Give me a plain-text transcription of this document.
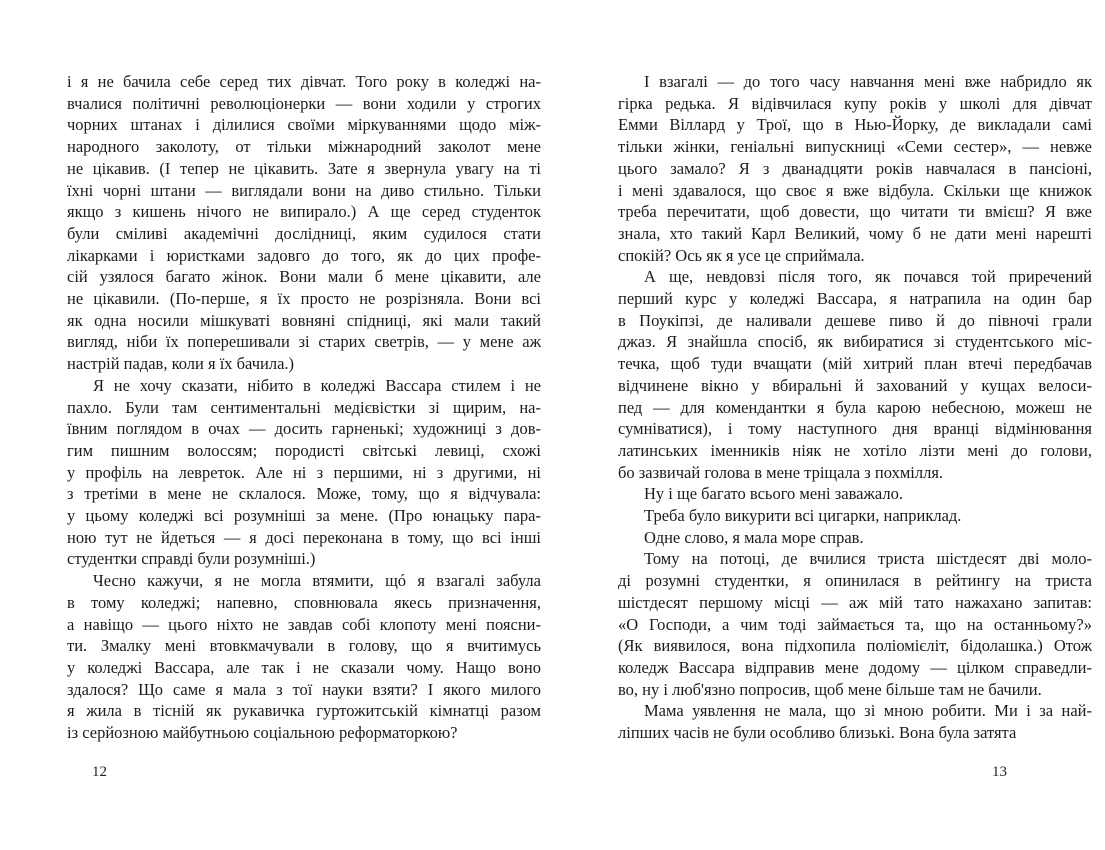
і я не бачила себе серед тих дівчат. Того року в коледжі на-
вчалися політичні революціонерки — вони ходили у строгих
чорних штанах і ділилися своїми міркуваннями щодо між-
народного заколоту, от тільки міжнародний заколот мене
не цікавив. (І тепер не цікавить. Зате я звернула увагу на ті
їхні чорні штани — виглядали вони на диво стильно. Тільки
якщо з кишень нічого не випирало.) А ще серед студенток
були сміливі академічні дослідниці, яким судилося стати
лікарками і юристками задовго до того, як до цих профе-
сій узялося багато жінок. Вони мали б мене цікавити, але
не цікавили. (По-перше, я їх просто не розрізняла. Вони всі
як одна носили мішкуваті вовняні спідниці, які мали такий
вигляд, ніби їх поперешивали зі старих светрів, — у мене аж
настрій падав, коли я їх бачила.)
Я не хочу сказати, нібито в коледжі Вассара стилем і не
пахло. Були там сентиментальні медієвістки зі щирим, на-
ївним поглядом в очах — досить гарненькі; художниці з дов-
гим пишним волоссям; породисті світські левиці, схожі
у профіль на левреток. Але ні з першими, ні з другими, ні
з третіми в мене не склалося. Може, тому, що я відчувала:
у цьому коледжі всі розумніші за мене. (Про юнацьку пара-
ною тут не йдеться — я досі переконана в тому, що всі інші
студентки справді були розумніші.)
Чесно кажучи, я не могла втямити, щó я взагалі забула
в тому коледжі; напевно, сповнювала якесь призначення,
а навіщо — цього ніхто не завдав собі клопоту мені поясни-
ти. Змалку мені втовкмачували в голову, що я вчитимусь
у коледжі Вассара, але так і не сказали чому. Нащо воно
здалося? Що саме я мала з тої науки взяти? І якого милого
я жила в тісній як рукавичка гуртожитській кімнатці разом
із серйозною майбутньою соціальною реформаторкою?
І взагалі — до того часу навчання мені вже набридло як
гірка редька. Я відівчилася купу років у школі для дівчат
Емми Віллард у Трої, що в Нью-Йорку, де викладали самі
тільки жінки, геніальні випускниці «Семи сестер», — невже
цього замало? Я з дванадцяти років навчалася в пансіоні,
і мені здавалося, що своє я вже відбула. Скільки ще книжок
треба перечитати, щоб довести, що читати ти вмієш? Я вже
знала, хто такий Карл Великий, чому б не дати мені нарешті
спокій? Ось як я усе це сприймала.
А ще, невдовзі після того, як почався той приречений
перший курс у коледжі Вассара, я натрапила на один бар
в Поукіпзі, де наливали дешеве пиво й до півночі грали
джаз. Я знайшла спосіб, як вибиратися зі студентського міс-
течка, щоб туди вчащати (мій хитрий план втечі передбачав
відчинене вікно у вбиральні й захований у кущах велоси-
пед — для комендантки я була карою небесною, можеш не
сумніватися), і тому наступного дня вранці відмінювання
латинських іменників ніяк не хотіло лізти мені до голови,
бо зазвичай голова в мене тріщала з похмілля.
Ну і ще багато всього мені заважало.
Треба було викурити всі цигарки, наприклад.
Одне слово, я мала море справ.
Тому на потоці, де вчилися триста шістдесят дві моло-
ді розумні студентки, я опинилася в рейтингу на триста
шістдесят першому місці — аж мій тато нажахано запитав:
«О Господи, а чим тоді займається та, що на останньому?»
(Як виявилося, вона підхопила поліомієліт, бідолашка.) Отож
коледж Вассара відправив мене додому — цілком справедли-
во, ну і люб'язно попросив, щоб мене більше там не бачили.
Мама уявлення не мала, що зі мною робити. Ми і за най-
ліпших часів не були особливо близькі. Вона була затята
12	13
